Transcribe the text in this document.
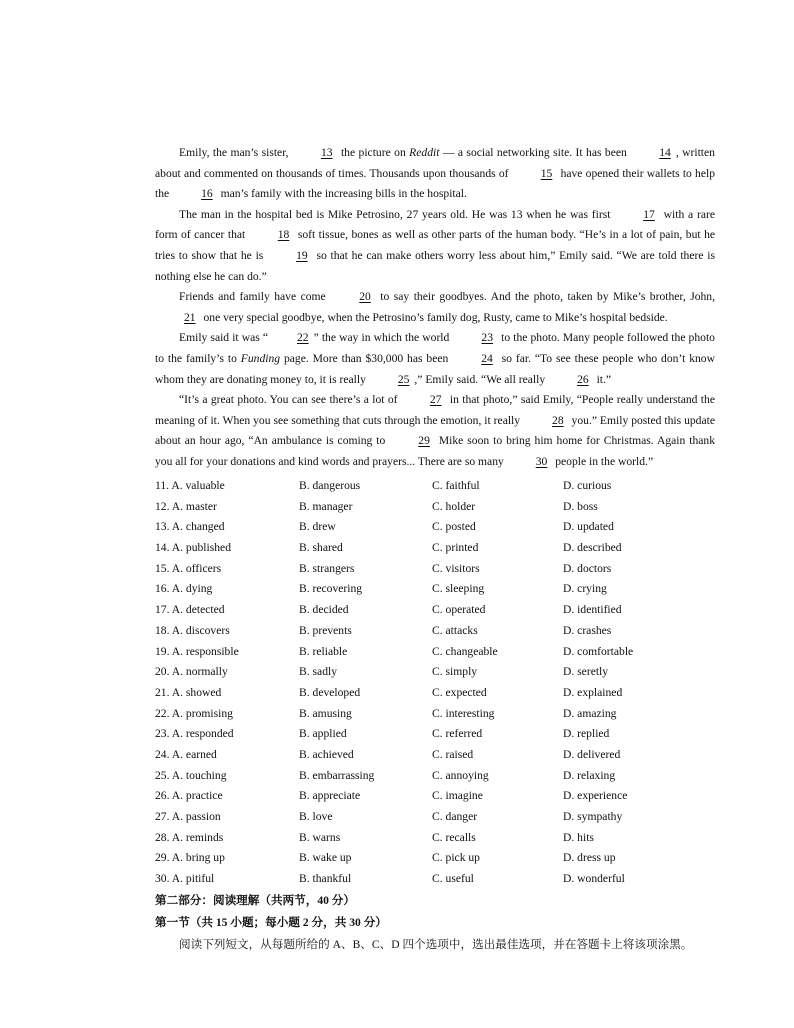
Emily, the man’s sister,	13 the picture on Reddit — a social networking site. It has been	14 , written about and commented on thousands of times. Thousands upon thousands of	15 have opened their wallets to help the	16 man’s family with the increasing bills in the hospital.

The man in the hospital bed is Mike Petrosino, 27 years old. He was 13 when he was first	17 with a rare form of cancer that	18 soft tissue, bones as well as other parts of the human body. “He’s in a lot of pain, but he tries to show that he is	19 so that he can make others worry less about him,” Emily said. “We are told there is nothing else he can do.”

Friends and family have come	20 to say their goodbyes. And the photo, taken by Mike’s brother, John, 21 one very special goodbye, when the Petrosino’s family dog, Rusty, came to Mike’s hospital bedside.

Emily said it was “	22 ” the way in which the world	23 to the photo. Many people followed the photo to the family’s to Funding page. More than $30,000 has been	24 so far. “To see these people who don’t know whom they are donating money to, it is really	25 ,” Emily said. “We all really	26 it.”

“It’s a great photo. You can see there’s a lot of	27 in that photo,” said Emily, “People really understand the meaning of it. When you see something that cuts through the emotion, it really	28 you.” Emily posted this update about an hour ago, “An ambulance is coming to	29 Mike soon to bring him home for Christmas. Again thank you all for your donations and kind words and prayers... There are so many	30 people in the world.”

11. A. valuable	B. dangerous	C. faithful	D. curious
12. A. master	B. manager	C. holder	D. boss
13. A. changed	B. drew	C. posted	D. updated
14. A. published	B. shared	C. printed	D. described
15. A. officers	B. strangers	C. visitors	D. doctors
16. A. dying	B. recovering	C. sleeping	D. crying
17. A. detected	B. decided	C. operated	D. identified
18. A. discovers	B. prevents	C. attacks	D. crashes
19. A. responsible	B. reliable	C. changeable	D. comfortable
20. A. normally	B. sadly	C. simply	D. seretly
21. A. showed	B. developed	C. expected	D. explained
22. A. promising	B. amusing	C. interesting	D. amazing
23. A. responded	B. applied	C. referred	D. replied
24. A. earned	B. achieved	C. raised	D. delivered
25. A. touching	B. embarrassing	C. annoying	D. relaxing
26. A. practice	B. appreciate	C. imagine	D. experience
27. A. passion	B. love	C. danger	D. sympathy
28. A. reminds	B. warns	C. recalls	D. hits
29. A. bring up	B. wake up	C. pick up	D. dress up
30. A. pitiful	B. thankful	C. useful	D. wonderful
第二部分：阅读理解（共两节，40 分）
第一节（共 15 小题；每小题 2 分，共 30 分）
阅读下列短文，从每题所给的 A、B、C、D 四个选项中，选出最佳选项，并在答题卡上将该项涂黑。
